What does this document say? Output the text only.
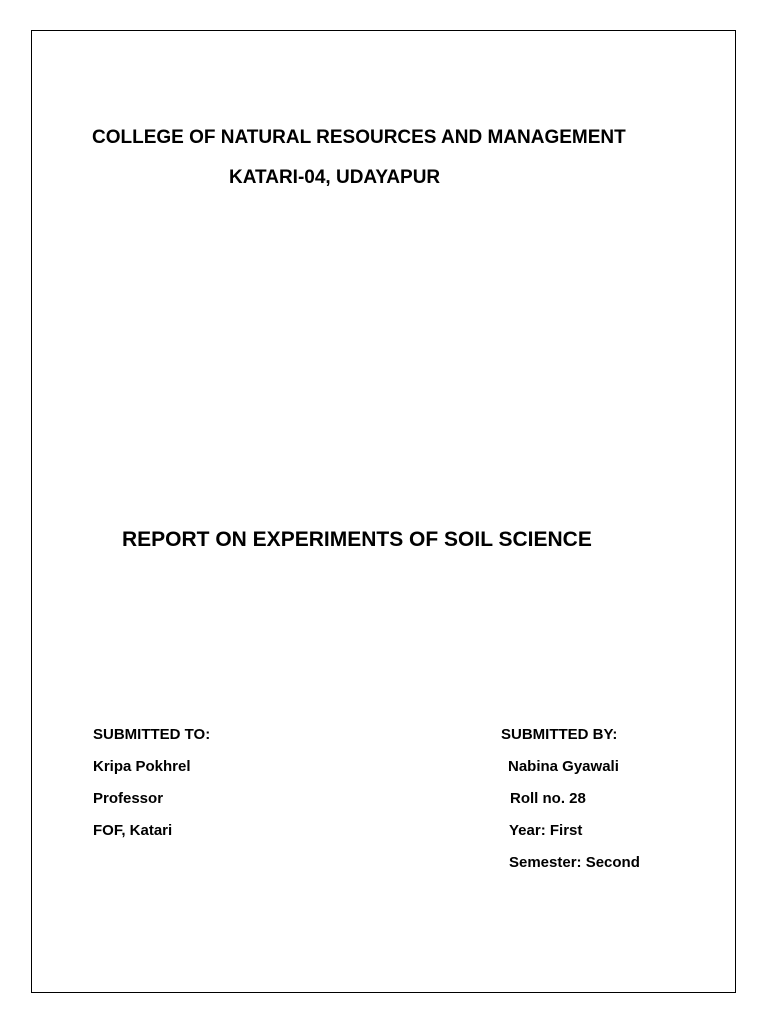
COLLEGE OF NATURAL RESOURCES AND MANAGEMENT
KATARI-04, UDAYAPUR
REPORT ON EXPERIMENTS OF SOIL SCIENCE
SUBMITTED TO:
Kripa Pokhrel
Professor
FOF, Katari
SUBMITTED BY:
Nabina Gyawali
Roll no. 28
Year: First
Semester: Second
